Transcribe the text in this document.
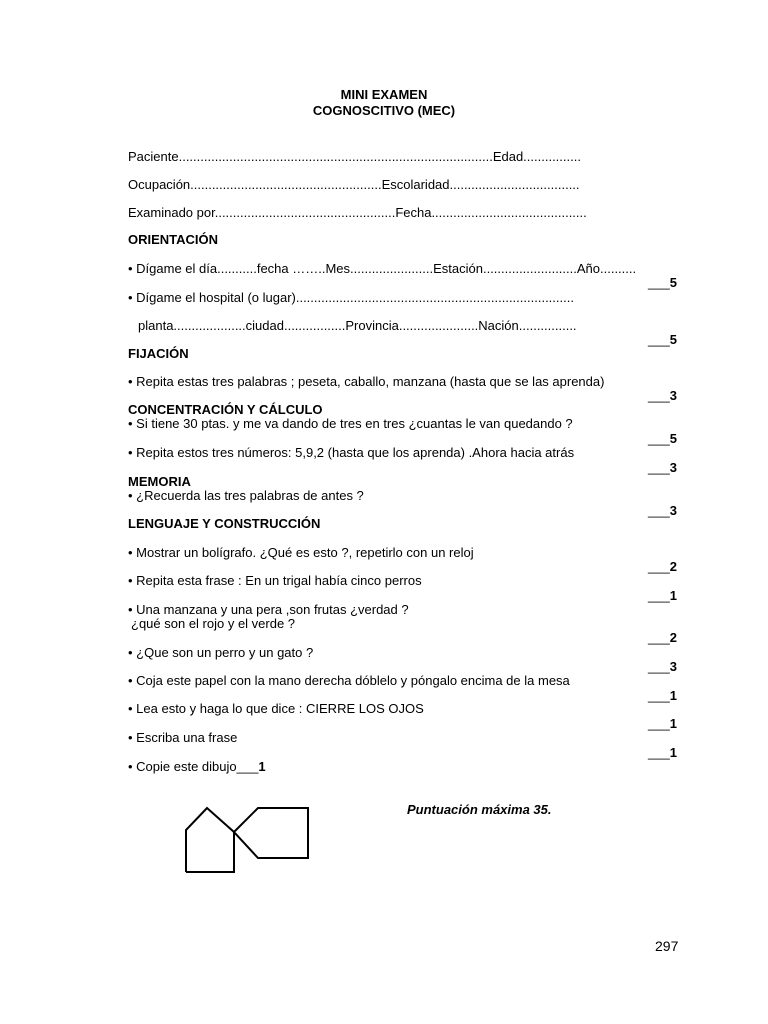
MINI EXAMEN
COGNOSCITIVO (MEC)
Paciente.......................................................................................Edad................
Ocupación.....................................................Escolaridad....................................
Examinado por..................................................Fecha...........................................
ORIENTACIÓN
• Dígame el día...........fecha ……..Mes.......................Estación..........................Año..........
___5
• Dígame el hospital (o lugar).............................................................................
planta....................ciudad.................Provincia......................Nación................
___5
FIJACIÓN
• Repita estas tres palabras ; peseta, caballo, manzana (hasta que se las aprenda)
___3
CONCENTRACIÓN Y CÁLCULO
• Si tiene 30 ptas. y me va dando de tres en tres ¿cuantas le van quedando ?
___5
• Repita estos tres números: 5,9,2 (hasta que los aprenda) .Ahora hacia atrás
___3
MEMORIA
• ¿Recuerda las tres palabras de antes ?
___3
LENGUAJE Y CONSTRUCCIÓN
• Mostrar un bolígrafo. ¿Qué es esto ?, repetirlo con un reloj
___2
• Repita esta frase : En un trigal había cinco perros
___1
• Una manzana y una pera ,son frutas ¿verdad ?
¿qué son el rojo y el verde ?
___2
• ¿Que son un perro y un gato ?
___3
• Coja este papel con la mano derecha dóblelo y póngalo encima de la mesa
___1
• Lea esto y haga lo que dice : CIERRE LOS OJOS
___1
• Escriba una frase
___1
• Copie este dibujo___1
Puntuación máxima 35.
297
